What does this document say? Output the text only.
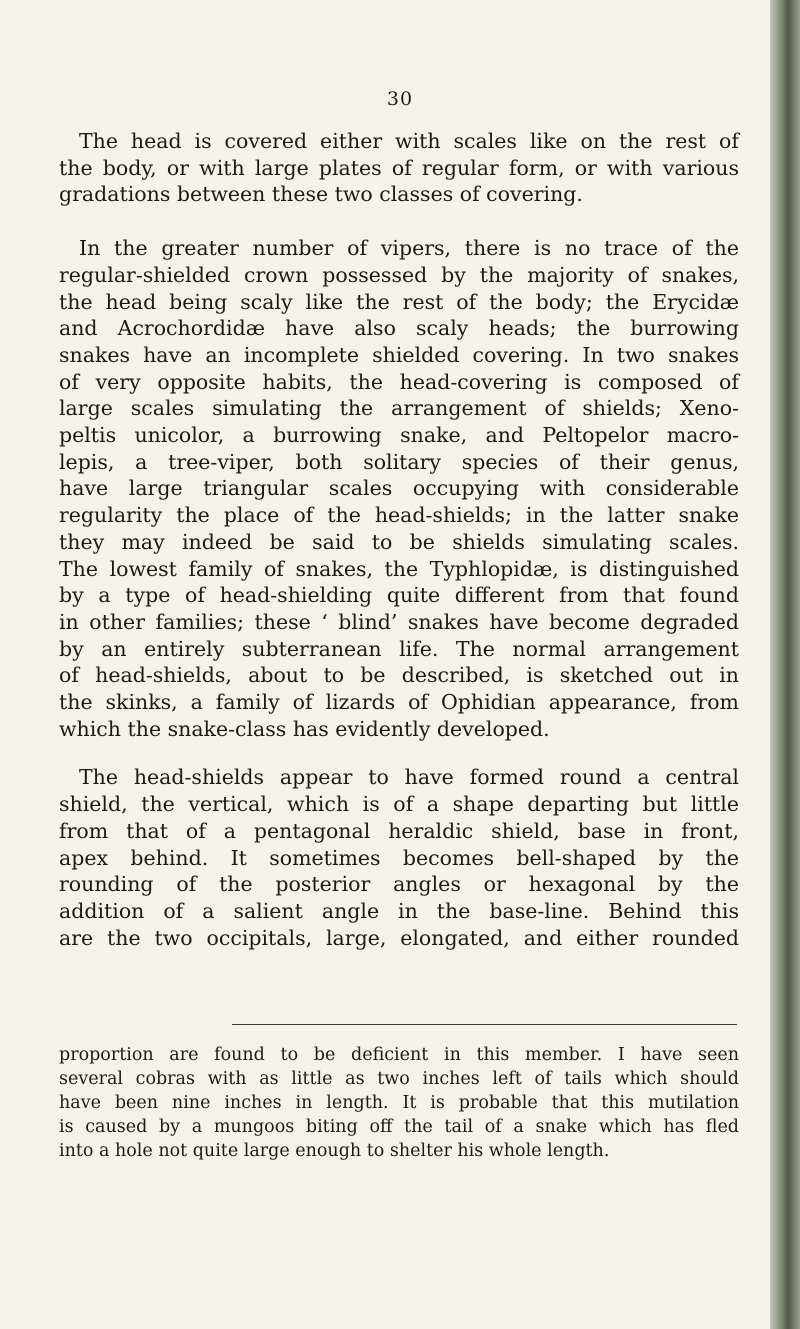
30
The head is covered either with scales like on the rest of
the body, or with large plates of regular form, or with various
gradations between these two classes of covering.
In the greater number of vipers, there is no trace of the
regular-shielded crown possessed by the majority of snakes,
the head being scaly like the rest of the body; the Erycidæ
and Acrochordidæ have also scaly heads; the burrowing
snakes have an incomplete shielded covering. In two snakes
of very opposite habits, the head-covering is composed of
large scales simulating the arrangement of shields; Xeno-
peltis unicolor, a burrowing snake, and Peltopelor macro-
lepis, a tree-viper, both solitary species of their genus,
have large triangular scales occupying with considerable
regularity the place of the head-shields; in the latter snake
they may indeed be said to be shields simulating scales.
The lowest family of snakes, the Typhlopidæ, is distinguished
by a type of head-shielding quite different from that found
in other families; these ‘ blind’ snakes have become degraded
by an entirely subterranean life. The normal arrangement
of head-shields, about to be described, is sketched out in
the skinks, a family of lizards of Ophidian appearance, from
which the snake-class has evidently developed.
The head-shields appear to have formed round a central
shield, the vertical, which is of a shape departing but little
from that of a pentagonal heraldic shield, base in front,
apex behind. It sometimes becomes bell-shaped by the
rounding of the posterior angles or hexagonal by the
addition of a salient angle in the base-line. Behind this
are the two occipitals, large, elongated, and either rounded
proportion are found to be deficient in this member. I have seen
several cobras with as little as two inches left of tails which should
have been nine inches in length. It is probable that this mutilation
is caused by a mungoos biting off the tail of a snake which has fled
into a hole not quite large enough to shelter his whole length.
